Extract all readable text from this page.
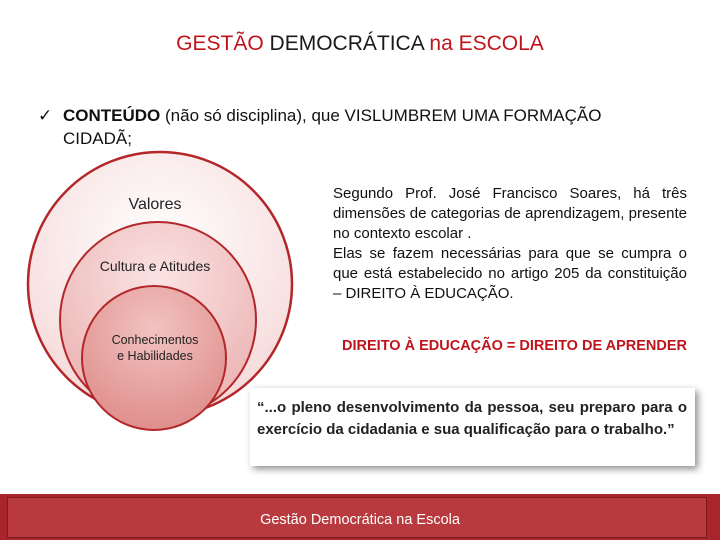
GESTÃO DEMOCRÁTICA na ESCOLA
✓ CONTEÚDO (não só disciplina), que VISLUMBREM UMA FORMAÇÃO
CIDADÃ;
Valores
Cultura e Atitudes
Conhecimentos
e Habilidades

Segundo Prof. José Francisco Soares, há três dimensões de categorias de aprendizagem, presente no contexto escolar .

Elas se fazem necessárias para que se cumpra o que está estabelecido no artigo 205 da constituição – DIREITO À EDUCAÇÃO.

DIREITO À EDUCAÇÃO = DIREITO DE APRENDER
“...o pleno desenvolvimento da pessoa, seu preparo para o exercício da cidadania e sua qualificação para o trabalho.”
Gestão Democrática na Escola
